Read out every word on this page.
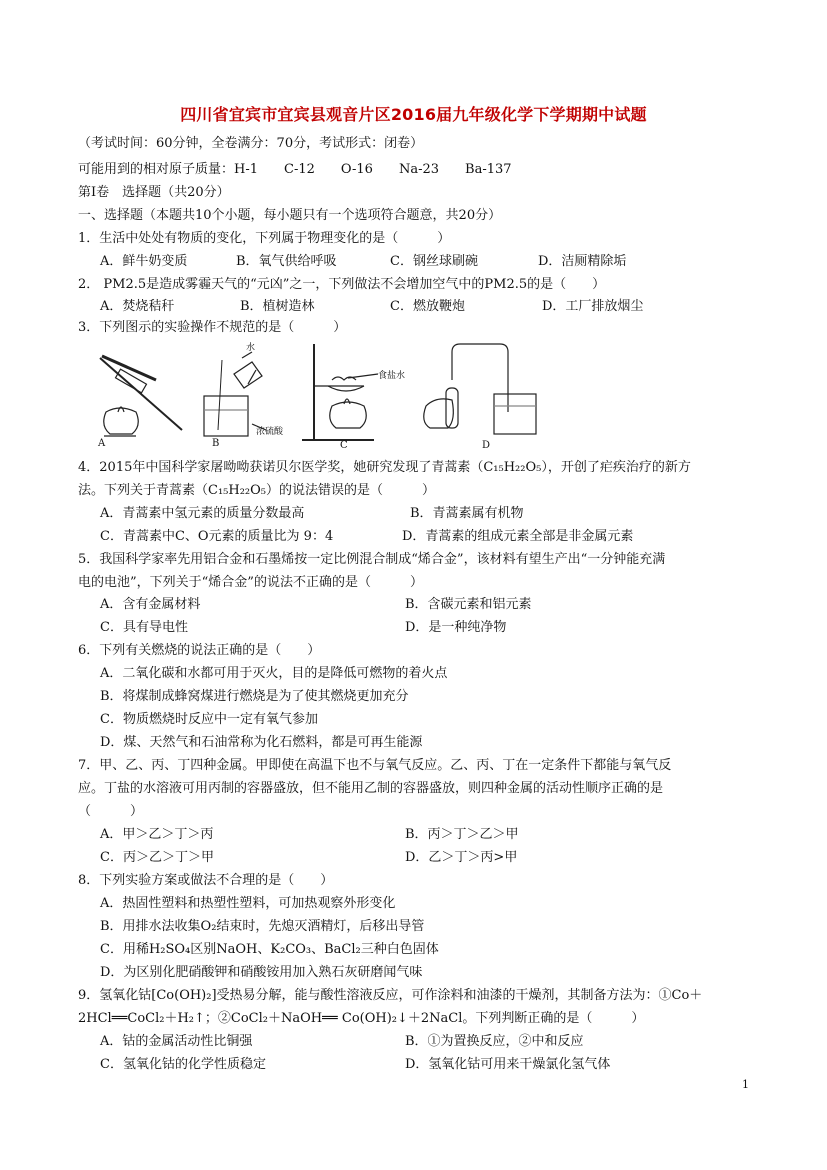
四川省宜宾市宜宾县观音片区2016届九年级化学下学期期中试题
（考试时间：60分钟，全卷满分：70分，考试形式：闭卷）
可能用到的相对原子质量：H-1　　C-12　　O-16　　Na-23　　Ba-137
第Ⅰ卷　选择题（共20分）
一、选择题（本题共10个小题，每小题只有一个选项符合题意，共20分）
1．生活中处处有物质的变化，下列属于物理变化的是（　　　）
A．鲜牛奶变质	B．氧气供给呼吸	C．钢丝球刷碗	D．洁厕精除垢
2． PM2.5是造成雾霾天气的“元凶”之一，下列做法不会增加空气中的PM2.5的是（　　）
A．焚烧秸秆	B．植树造林	C．燃放鞭炮	D．工厂排放烟尘
3．下列图示的实验操作不规范的是（　　　）
A	B	C	D
水
浓硫酸
食盐水
4．2015年中国科学家屠呦呦获诺贝尔医学奖，她研究发现了青蒿素（C₁₅H₂₂O₅），开创了疟疾治疗的新方
法。下列关于青蒿素（C₁₅H₂₂O₅）的说法错误的是（　　　）
A．青蒿素中氢元素的质量分数最高	B．青蒿素属有机物
C．青蒿素中C、O元素的质量比为 9：4	D．青蒿素的组成元素全部是非金属元素
5．我国科学家率先用铝合金和石墨烯按一定比例混合制成“烯合金”，该材料有望生产出“一分钟能充满
电的电池”，下列关于“烯合金”的说法不正确的是（　　　）
A．含有金属材料	B．含碳元素和铝元素
C．具有导电性	D．是一种纯净物
6．下列有关燃烧的说法正确的是（　　）
A．二氧化碳和水都可用于灭火，目的是降低可燃物的着火点
B．将煤制成蜂窝煤进行燃烧是为了使其燃烧更加充分
C．物质燃烧时反应中一定有氧气参加
D．煤、天然气和石油常称为化石燃料，都是可再生能源
7．甲、乙、丙、丁四种金属。甲即使在高温下也不与氧气反应。乙、丙、丁在一定条件下都能与氧气反
应。丁盐的水溶液可用丙制的容器盛放，但不能用乙制的容器盛放，则四种金属的活动性顺序正确的是
（　　　）
A．甲＞乙＞丁＞丙	B．丙＞丁＞乙＞甲
C．丙＞乙＞丁＞甲	D．乙＞丁＞丙>甲
8．下列实验方案或做法不合理的是（　　）
A．热固性塑料和热塑性塑料，可加热观察外形变化
B．用排水法收集O₂结束时，先熄灭酒精灯，后移出导管
C．用稀H₂SO₄区别NaOH、K₂CO₃、BaCl₂三种白色固体
D．为区别化肥硝酸钾和硝酸铵用加入熟石灰研磨闻气味
9．氢氧化钴[Co(OH)₂]受热易分解，能与酸性溶液反应，可作涂料和油漆的干燥剂，其制备方法为：①Co＋
2HCl══CoCl₂＋H₂↑；②CoCl₂＋NaOH══ Co(OH)₂↓＋2NaCl。下列判断正确的是（　　　）
A．钴的金属活动性比铜强	B．①为置换反应，②中和反应
C．氢氧化钴的化学性质稳定	D．氢氧化钴可用来干燥氯化氢气体
1
